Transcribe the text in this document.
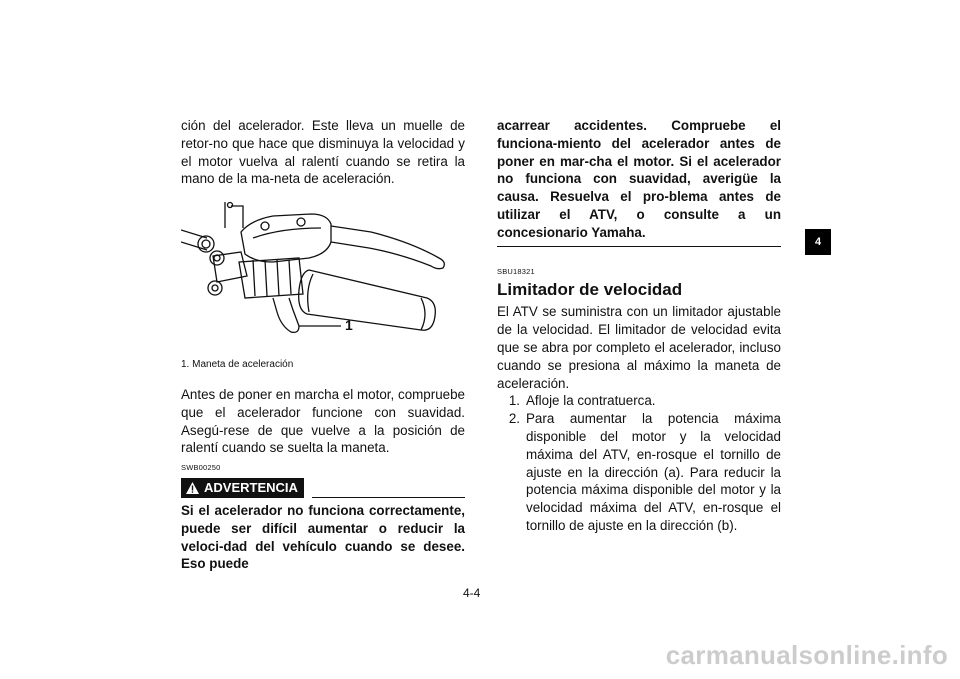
ción del acelerador. Este lleva un muelle de retor-no que hace que disminuya la velocidad y el motor vuelva al ralentí cuando se retira la mano de la ma-neta de aceleración.

1
1. Maneta de aceleración

Antes de poner en marcha el motor, compruebe que el acelerador funcione con suavidad. Asegú-rese de que vuelve a la posición de ralentí cuando se suelta la maneta.

SWB00250
ADVERTENCIA

Si el acelerador no funciona correctamente, puede ser difícil aumentar o reducir la veloci-dad del vehículo cuando se desee. Eso puede

acarrear accidentes. Compruebe el funciona-miento del acelerador antes de poner en mar-cha el motor. Si el acelerador no funciona con suavidad, averigüe la causa. Resuelva el pro-blema antes de utilizar el ATV, o consulte a un concesionario Yamaha.

SBU18321
Limitador de velocidad

El ATV se suministra con un limitador ajustable de la velocidad. El limitador de velocidad evita que se abra por completo el acelerador, incluso cuando se presiona al máximo la maneta de aceleración.

1. Afloje la contratuerca.
2. Para aumentar la potencia máxima disponible del motor y la velocidad máxima del ATV, en-rosque el tornillo de ajuste en la dirección (a). Para reducir la potencia máxima disponible del motor y la velocidad máxima del ATV, en-rosque el tornillo de ajuste en la dirección (b).
4
4-4
carmanualsonline.info
